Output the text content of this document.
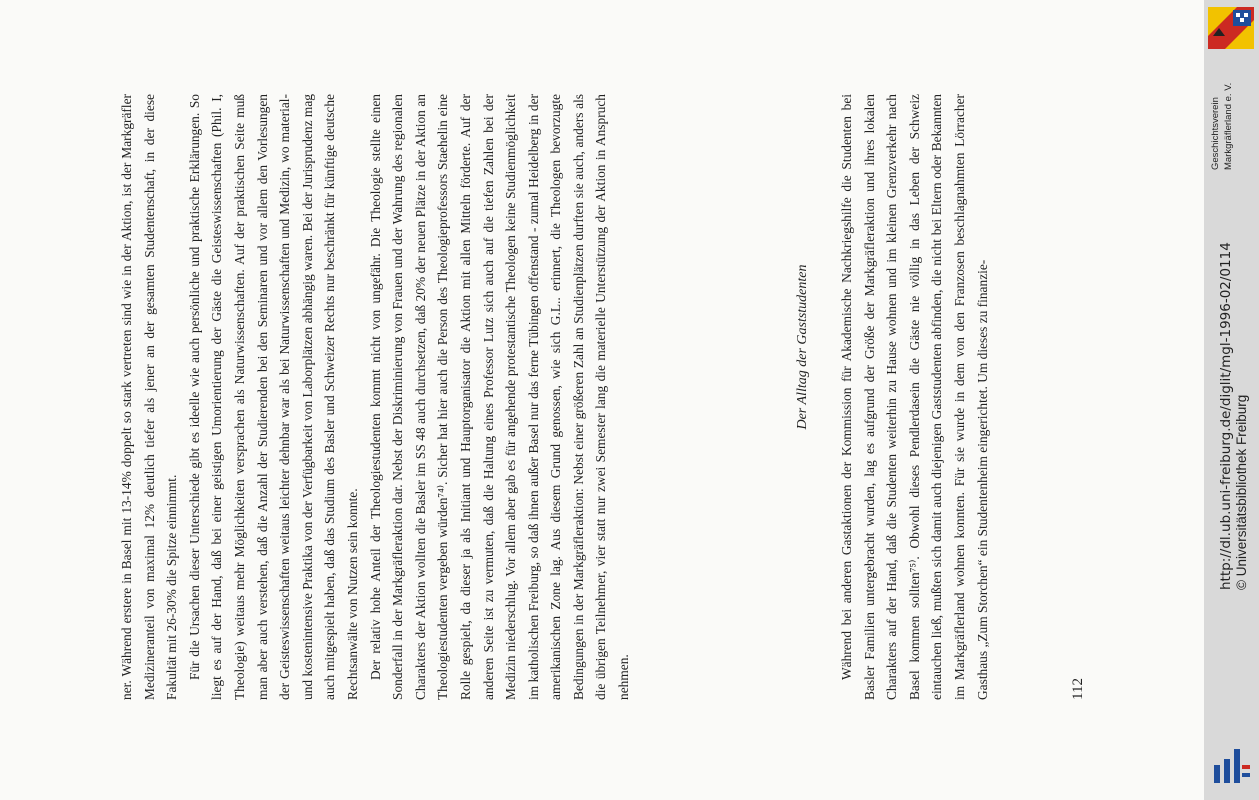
ner. Während erstere in Basel mit 13-14% doppelt so stark vertreten sind wie in der Aktion, ist der Markgräfler Medizineranteil von maximal 12% deutlich tiefer als jener an der gesamten Studentenschaft, in der diese Fakultät mit 26-30% die Spitze einnimmt. Für die Ursachen dieser Unterschiede gibt es ideelle wie auch persönliche und praktische Erklärungen. So liegt es auf der Hand, daß bei einer geistigen Umorientierung der Gäste die Geisteswissenschaften (Phil. I, Theologie) weitaus mehr Möglichkeiten versprachen als Naturwissenschaften. Auf der praktischen Seite muß man aber auch verstehen, daß die Anzahl der Studierenden bei den Seminaren und vor allem den Vorlesungen der Geisteswissenschaften weitaus leichter dehnbar war als bei Naturwissenschaften und Medizin, wo material- und kostenintensive Praktika von der Verfügbarkeit von Laborplätzen abhängig waren. Bei der Jurisprudenz mag auch mitgespielt haben, daß das Studium des Basler und Schweizer Rechts nur beschränkt für künftige deutsche Rechtsanwälte von Nutzen sein konnte. Der relativ hohe Anteil der Theologiestudenten kommt nicht von ungefähr. Die Theologie stellte einen Sonderfall in der Markgräfleraktion dar. Nebst der Diskriminierung von Frauen und der Wahrung des regionalen Charakters der Aktion wollten die Basler im SS 48 auch durchsetzen, daß 20% der neuen Plätze in der Aktion an Theologiestudenten vergeben würden⁷⁴⁾. Sicher hat hier auch die Person des Theologieprofessors Staehelin eine Rolle gespielt, da dieser ja als Initiant und Hauptorganisator die Aktion mit allen Mitteln förderte. Auf der anderen Seite ist zu vermuten, daß die Haltung eines Professor Lutz sich auch auf die tiefen Zahlen bei der Medizin niederschlug. Vor allem aber gab es für angehende protestantische Theologen keine Studienmöglichkeit im katholischen Freiburg, so daß ihnen außer Basel nur das ferne Tübingen offenstand - zumal Heidelberg in der amerikanischen Zone lag. Aus diesem Grund genossen, wie sich G.L.. erinnert, die Theologen bevorzugte Bedingungen in der Markgräfleraktion: Nebst einer größeren Zahl an Studienplätzen durften sie auch, anders als die übrigen Teilnehmer, vier statt nur zwei Semester lang die materielle Unterstützung der Aktion in Anspruch nehmen.

Der Alltag der Gaststudenten Während bei anderen Gastaktionen der Kommission für Akademische Nachkriegshilfe die Studenten bei Basler Familien untergebracht wurden, lag es aufgrund der Größe der Markgräfleraktion und ihres lokalen Charakters auf der Hand, daß die Studenten weiterhin zu Hause wohnen und im kleinen Grenzverkehr nach Basel kommen sollten⁷⁵⁾. Obwohl dieses Pendlerdasein die Gäste nie völlig in das Leben der Schweiz eintauchen ließ, mußten sich damit auch diejenigen Gaststudenten abfinden, die nicht bei Eltern oder Bekannten im Markgräflerland wohnen konnten. Für sie wurde in dem von den Franzosen beschlagnahmten Lörracher Gasthaus „Zum Storchen“ ein Studentenheim eingerichtet. Um dieses zu finanzie-	112
Geschichtsverein Markgräflerland e. V.
http://dl.ub.uni-freiburg.de/diglit/mgl-1996-02/0114 © Universitätsbibliothek Freiburg
